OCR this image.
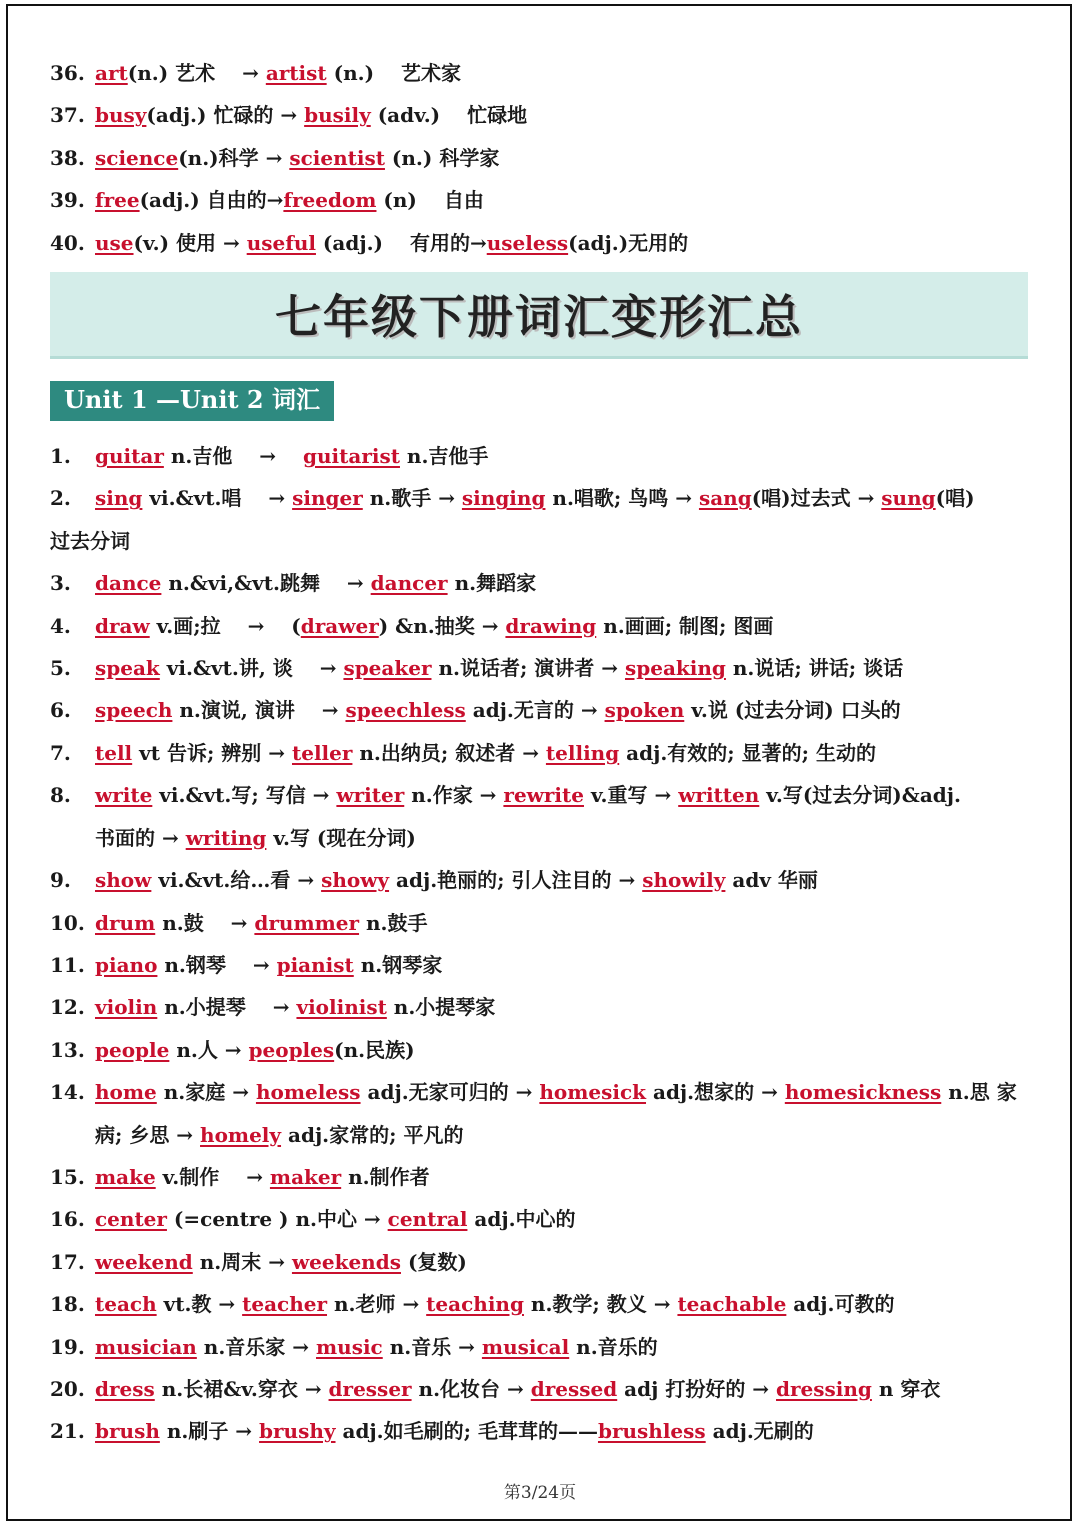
36. art(n.) 艺术 　→ artist (n.) 　艺术家
37. busy(adj.) 忙碌的 → busily (adv.) 　忙碌地
38. science(n.)科学 → scientist (n.) 科学家
39. free(adj.) 自由的→freedom (n) 　自由
40. use(v.) 使用 → useful (adj.) 　有用的→useless(adj.)无用的
七年级下册词汇变形汇总
Unit 1 —Unit 2 词汇
1. guitar n.吉他 　→ 　guitarist n.吉他手
2. sing vi.&vt.唱 　→ singer n.歌手 → singing n.唱歌; 鸟鸣 → sang(唱)过去式 → sung(唱)
过去分词
3. dance n.&vi,&vt.跳舞 　→ dancer n.舞蹈家
4. draw v.画;拉 　→ 　(drawer) &n.抽奖 → drawing n.画画; 制图; 图画
5. speak vi.&vt.讲, 谈 　→ speaker n.说话者; 演讲者 → speaking n.说话; 讲话; 谈话
6. speech n.演说, 演讲 　→ speechless adj.无言的 → spoken v.说 (过去分词) 口头的
7. tell vt 告诉; 辨别 → teller n.出纳员; 叙述者 → telling adj.有效的; 显著的; 生动的
8. write vi.&vt.写; 写信 → writer n.作家 → rewrite v.重写 → written v.写(过去分词)&adj.
书面的 → writing v.写 (现在分词)
9. show vi.&vt.给…看 → showy adj.艳丽的; 引人注目的 → showily adv 华丽
10. drum n.鼓 　→ drummer n.鼓手
11. piano n.钢琴 　→ pianist n.钢琴家
12. violin n.小提琴 　→ violinist n.小提琴家
13. people n.人 → peoples(n.民族)
14. home n.家庭 → homeless adj.无家可归的 → homesick adj.想家的 → homesickness n.思 家
病; 乡思 → homely adj.家常的; 平凡的
15. make v.制作 　→ maker n.制作者
16. center (=centre ) n.中心 → central adj.中心的
17. weekend n.周末 → weekends (复数)
18. teach vt.教 → teacher n.老师 → teaching n.教学; 教义 → teachable adj.可教的
19. musician n.音乐家 → music n.音乐 → musical n.音乐的
20. dress n.长裙&v.穿衣 → dresser n.化妆台 → dressed adj 打扮好的 → dressing n 穿衣
21. brush n.刷子 → brushy adj.如毛刷的; 毛茸茸的——brushless adj.无刷的
第3/24页
